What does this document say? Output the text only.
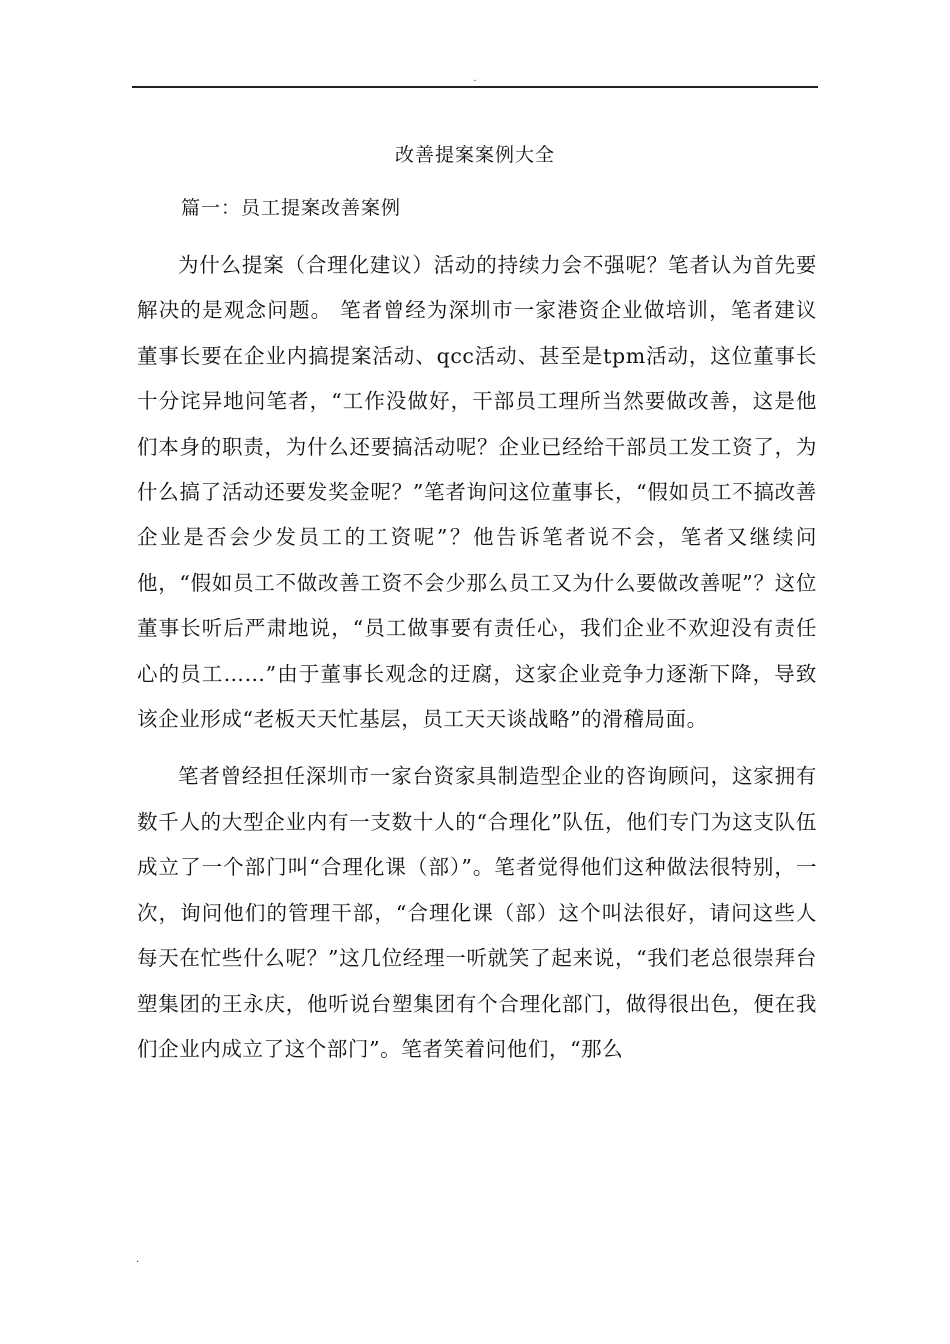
.
改善提案案例大全
篇一：员工提案改善案例

为什么提案（合理化建议）活动的持续力会不强呢？笔者认为首先要解决的是观念问题。 笔者曾经为深圳市一家港资企业做培训，笔者建议董事长要在企业内搞提案活动、qcc活动、甚至是tpm活动，这位董事长十分诧异地问笔者，“工作没做好，干部员工理所当然要做改善，这是他们本身的职责，为什么还要搞活动呢？企业已经给干部员工发工资了，为什么搞了活动还要发奖金呢？”笔者询问这位董事长，“假如员工不搞改善企业是否会少发员工的工资呢”？他告诉笔者说不会，笔者又继续问他，“假如员工不做改善工资不会少那么员工又为什么要做改善呢”？这位董事长听后严肃地说，“员工做事要有责任心，我们企业不欢迎没有责任心的员工……”由于董事长观念的迂腐，这家企业竞争力逐渐下降，导致该企业形成“老板天天忙基层，员工天天谈战略”的滑稽局面。

笔者曾经担任深圳市一家台资家具制造型企业的咨询顾问，这家拥有数千人的大型企业内有一支数十人的“合理化”队伍，他们专门为这支队伍成立了一个部门叫“合理化课（部）”。笔者觉得他们这种做法很特别，一次，询问他们的管理干部，“合理化课（部）这个叫法很好，请问这些人每天在忙些什么呢？”这几位经理一听就笑了起来说，“我们老总很崇拜台塑集团的王永庆，他听说台塑集团有个合理化部门，做得很出色，便在我们企业内成立了这个部门”。笔者笑着问他们，“那么

.
